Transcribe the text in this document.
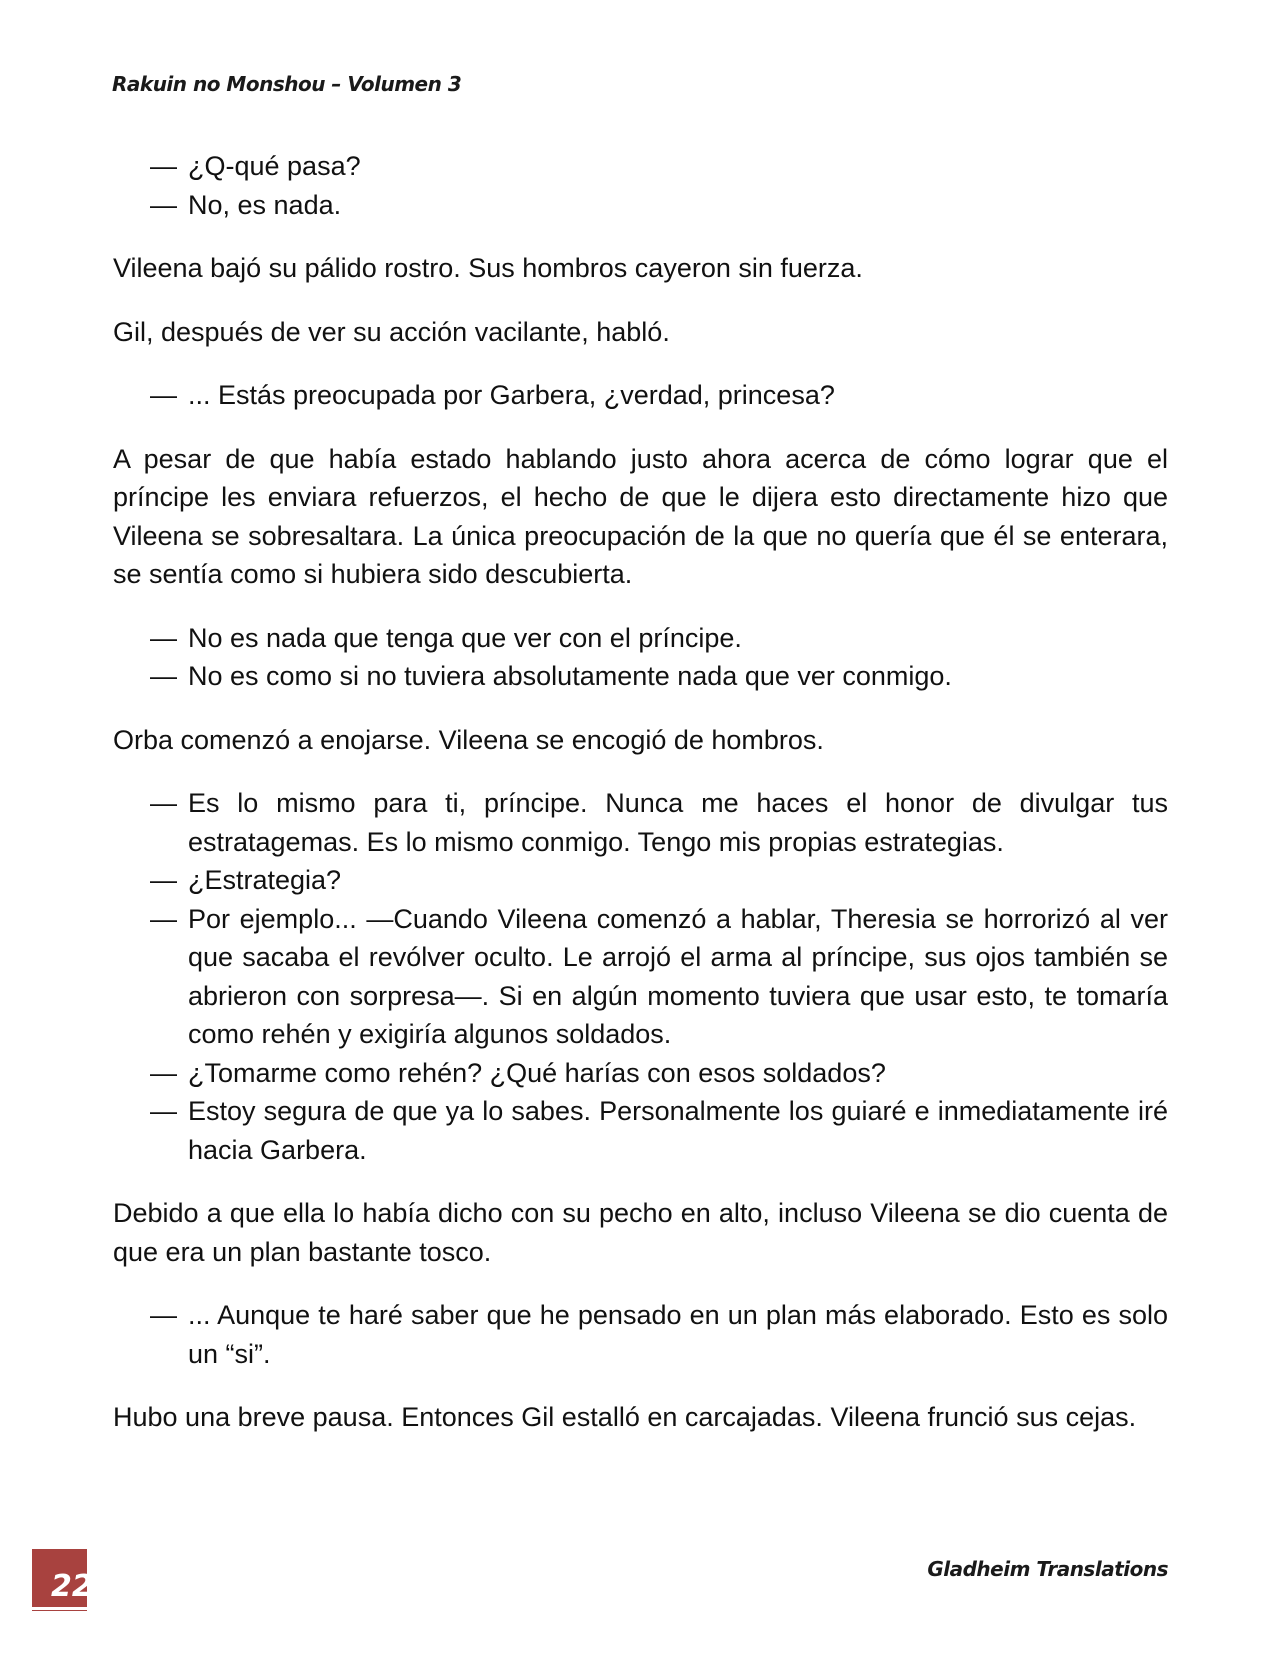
Rakuin no Monshou – Volumen 3
— ¿Q-qué pasa?
— No, es nada.

Vileena bajó su pálido rostro. Sus hombros cayeron sin fuerza.

Gil, después de ver su acción vacilante, habló.

— ... Estás preocupada por Garbera, ¿verdad, princesa?

A pesar de que había estado hablando justo ahora acerca de cómo lograr que el príncipe les enviara refuerzos, el hecho de que le dijera esto directamente hizo que Vileena se sobresaltara. La única preocupación de la que no quería que él se enterara, se sentía como si hubiera sido descubierta.

— No es nada que tenga que ver con el príncipe.
— No es como si no tuviera absolutamente nada que ver conmigo.

Orba comenzó a enojarse. Vileena se encogió de hombros.

— Es lo mismo para ti, príncipe. Nunca me haces el honor de divulgar tus estratagemas. Es lo mismo conmigo. Tengo mis propias estrategias.
— ¿Estrategia?
— Por ejemplo... —Cuando Vileena comenzó a hablar, Theresia se horrorizó al ver que sacaba el revólver oculto. Le arrojó el arma al príncipe, sus ojos también se abrieron con sorpresa—. Si en algún momento tuviera que usar esto, te tomaría como rehén y exigiría algunos soldados.
— ¿Tomarme como rehén? ¿Qué harías con esos soldados?
— Estoy segura de que ya lo sabes. Personalmente los guiaré e inmediatamente iré hacia Garbera.

Debido a que ella lo había dicho con su pecho en alto, incluso Vileena se dio cuenta de que era un plan bastante tosco.

— ... Aunque te haré saber que he pensado en un plan más elaborado. Esto es solo un “si”.

Hubo una breve pausa. Entonces Gil estalló en carcajadas. Vileena frunció sus cejas.

22	Gladheim Translations
